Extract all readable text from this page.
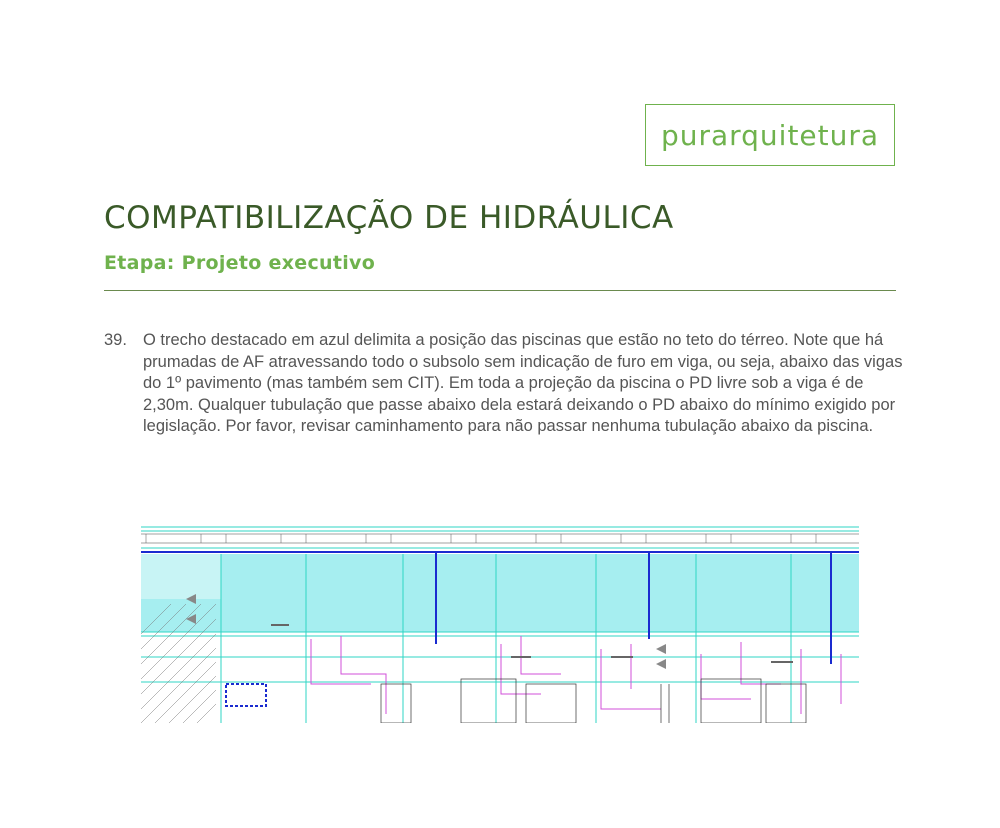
purarquitetura
COMPATIBILIZAÇÃO DE HIDRÁULICA
Etapa: Projeto executivo
39. O trecho destacado em azul delimita a posição das piscinas que estão no teto do térreo. Note que há prumadas de AF atravessando todo o subsolo sem indicação de furo em viga, ou seja, abaixo das vigas do 1º pavimento (mas também sem CIT). Em toda a projeção da piscina o PD livre sob a viga é de 2,30m. Qualquer tubulação que passe abaixo dela estará deixando o PD abaixo do mínimo exigido por legislação. Por favor, revisar caminhamento para não passar nenhuma tubulação abaixo da piscina.
